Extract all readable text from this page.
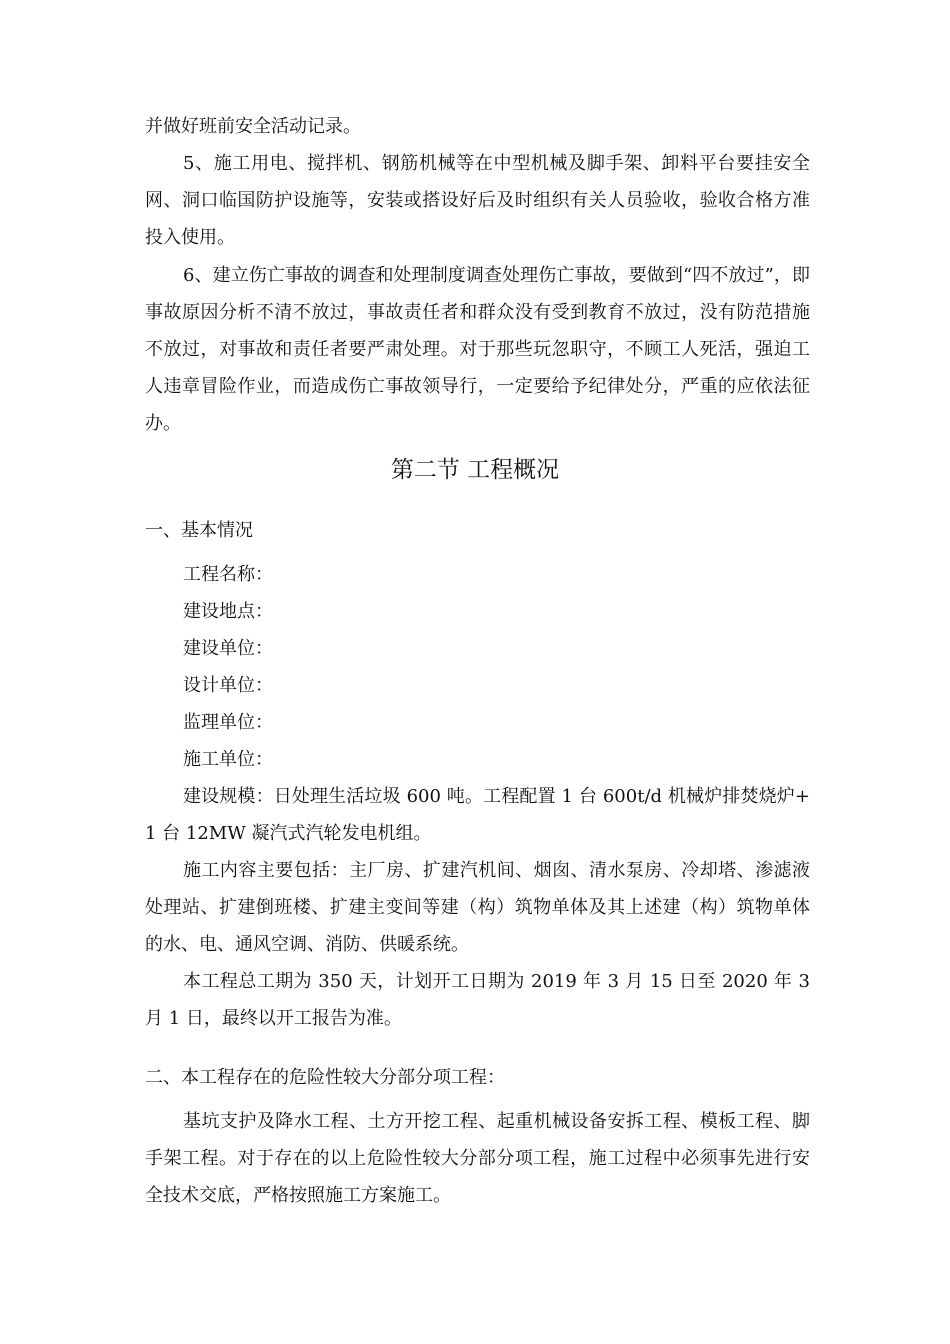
并做好班前安全活动记录。
5、施工用电、搅拌机、钢筋机械等在中型机械及脚手架、卸料平台要挂安全网、洞口临国防护设施等，安装或搭设好后及时组织有关人员验收，验收合格方准投入使用。
6、建立伤亡事故的调查和处理制度调查处理伤亡事故，要做到“四不放过”，即事故原因分析不清不放过，事故责任者和群众没有受到教育不放过，没有防范措施不放过，对事故和责任者要严肃处理。对于那些玩忽职守，不顾工人死活，强迫工人违章冒险作业，而造成伤亡事故领导行，一定要给予纪律处分，严重的应依法征办。
第二节 工程概况
一、基本情况
工程名称：
建设地点：
建设单位：
设计单位：
监理单位：
施工单位：
建设规模：日处理生活垃圾 600 吨。工程配置 1 台 600t/d 机械炉排焚烧炉+1 台 12MW 凝汽式汽轮发电机组。
施工内容主要包括：主厂房、扩建汽机间、烟囱、清水泵房、冷却塔、渗滤液处理站、扩建倒班楼、扩建主变间等建（构）筑物单体及其上述建（构）筑物单体的水、电、通风空调、消防、供暖系统。
本工程总工期为 350 天，计划开工日期为 2019 年 3 月 15 日至 2020 年 3 月 1 日，最终以开工报告为准。
二、本工程存在的危险性较大分部分项工程：
基坑支护及降水工程、土方开挖工程、起重机械设备安拆工程、模板工程、脚手架工程。对于存在的以上危险性较大分部分项工程，施工过程中必须事先进行安全技术交底，严格按照施工方案施工。
